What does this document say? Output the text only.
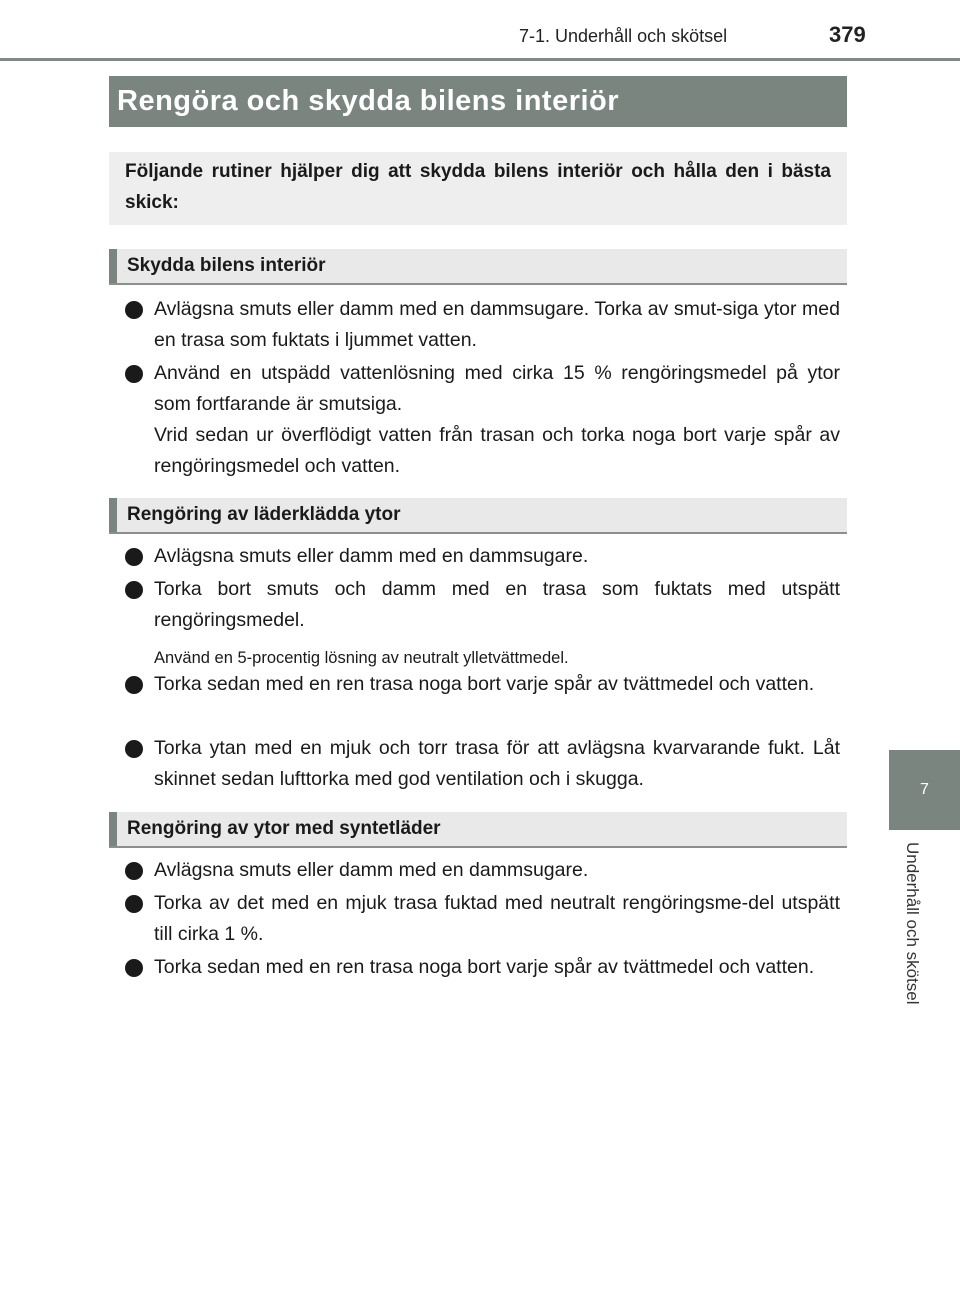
7-1. Underhåll och skötsel	379
7
Underhåll och skötsel
Rengöra och skydda bilens interiör
Följande rutiner hjälper dig att skydda bilens interiör och hålla den i bästa skick:
Skydda bilens interiör

Avlägsna smuts eller damm med en dammsugare. Torka av smut-siga ytor med en trasa som fuktats i ljummet vatten.

Använd en utspädd vattenlösning med cirka 15 % rengöringsmedel på ytor som fortfarande är smutsiga.

Vrid sedan ur överflödigt vatten från trasan och torka noga bort varje spår av rengöringsmedel och vatten.

Rengöring av läderklädda ytor

Avlägsna smuts eller damm med en dammsugare.

Torka bort smuts och damm med en trasa som fuktats med utspätt rengöringsmedel.

Använd en 5-procentig lösning av neutralt ylletvättmedel.

Torka sedan med en ren trasa noga bort varje spår av tvättmedel och vatten.

Torka ytan med en mjuk och torr trasa för att avlägsna kvarvarande fukt. Låt skinnet sedan lufttorka med god ventilation och i skugga.

Rengöring av ytor med syntetläder

Avlägsna smuts eller damm med en dammsugare.

Torka av det med en mjuk trasa fuktad med neutralt rengöringsme-del utspätt till cirka 1 %.

Torka sedan med en ren trasa noga bort varje spår av tvättmedel och vatten.
